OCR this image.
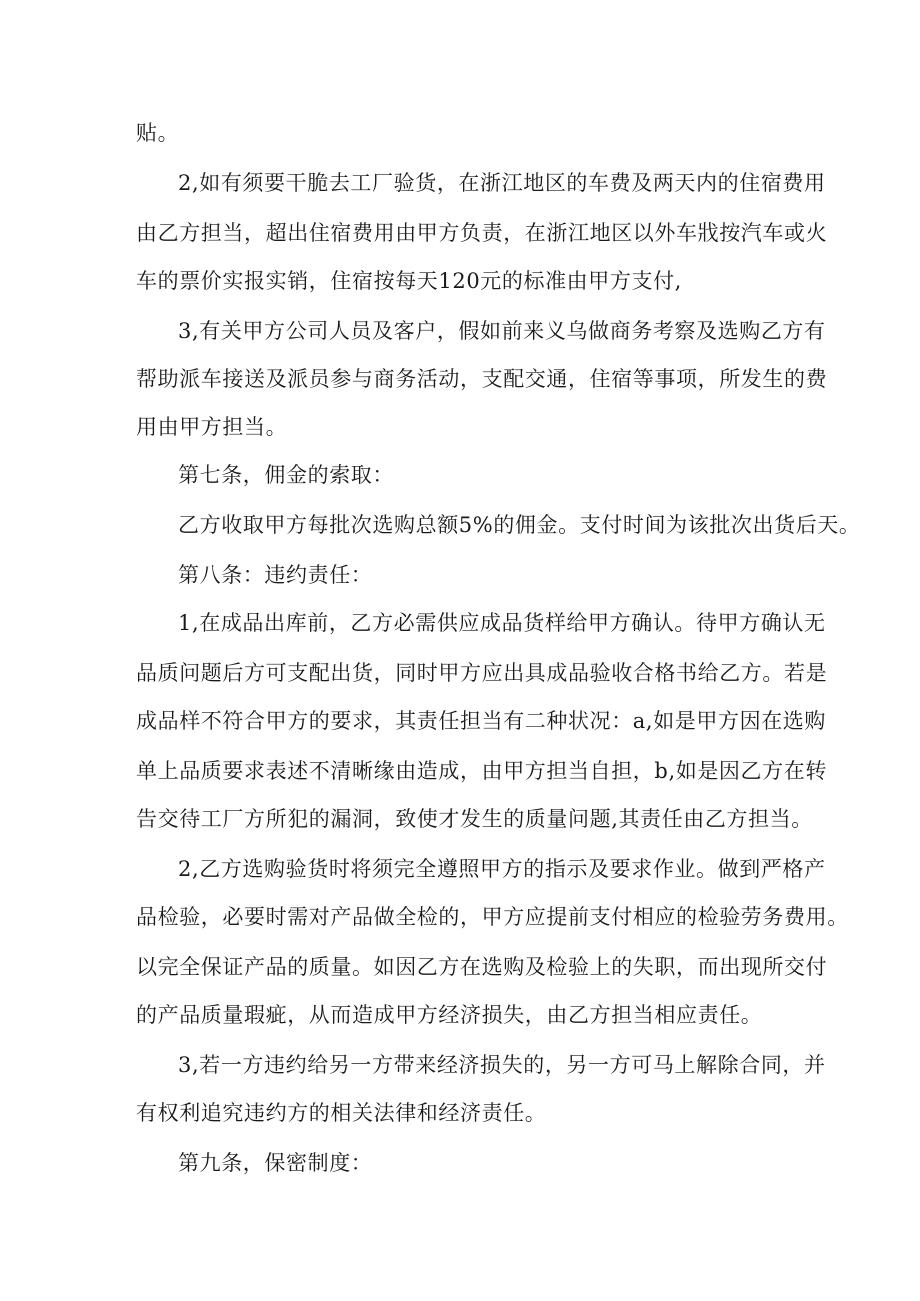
贴。
2,如有须要干脆去工厂验货，在浙江地区的车费及两天内的住宿费用
由乙方担当，超出住宿费用由甲方负责，在浙江地区以外车戕按汽车或火
车的票价实报实销，住宿按每天120元的标准由甲方支付,
3,有关甲方公司人员及客户，假如前来义乌做商务考察及选购乙方有
帮助派车接送及派员参与商务活动，支配交通，住宿等事项，所发生的费
用由甲方担当。
第七条，佣金的索取：
乙方收取甲方每批次选购总额5%的佣金。支付时间为该批次出货后天。
第八条：违约责任：
1,在成品出库前，乙方必需供应成品货样给甲方确认。待甲方确认无
品质问题后方可支配出货，同时甲方应出具成品验收合格书给乙方。若是
成品样不符合甲方的要求，其责任担当有二种状况：a,如是甲方因在选购
单上品质要求表述不清晰缘由造成，由甲方担当自担，b,如是因乙方在转
告交待工厂方所犯的漏洞，致使才发生的质量问题,其责任由乙方担当。
2,乙方选购验货时将须完全遵照甲方的指示及要求作业。做到严格产
品检验，必要时需对产品做全检的，甲方应提前支付相应的检验劳务费用。
以完全保证产品的质量。如因乙方在选购及检验上的失职，而出现所交付
的产品质量瑕疵，从而造成甲方经济损失，由乙方担当相应责任。
3,若一方违约给另一方带来经济损失的，另一方可马上解除合同，并
有权利追究违约方的相关法律和经济责任。
第九条，保密制度：
